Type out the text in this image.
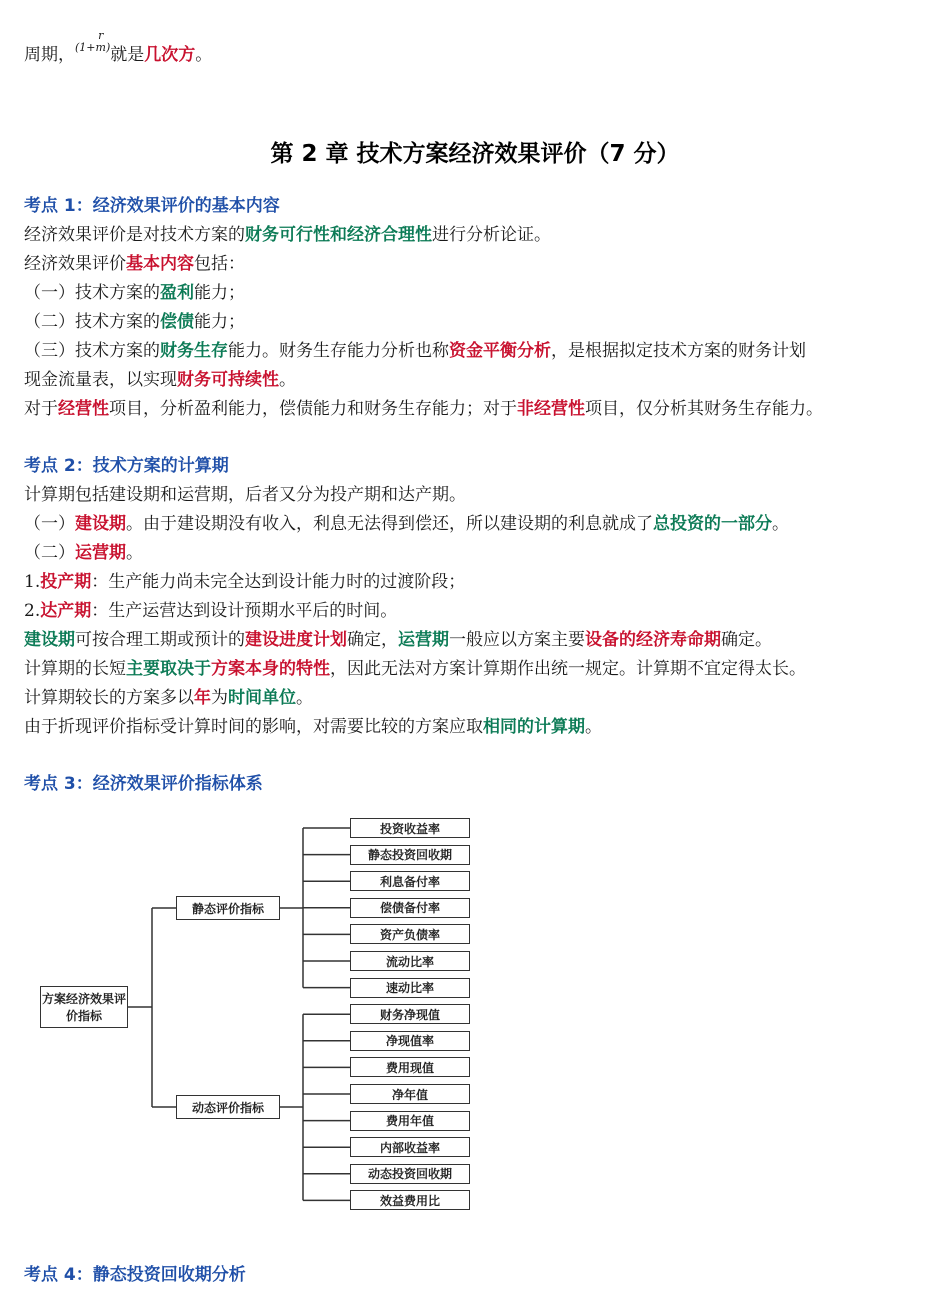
周期，(1+
r
m )就是几次方。
第 2 章 技术方案经济效果评价（7 分）
考点 1：经济效果评价的基本内容
经济效果评价是对技术方案的财务可行性和经济合理性进行分析论证。
经济效果评价基本内容包括：
（一）技术方案的盈利能力；
（二）技术方案的偿债能力；
（三）技术方案的财务生存能力。财务生存能力分析也称资金平衡分析，是根据拟定技术方案的财务计划
现金流量表，以实现财务可持续性。
对于经营性项目，分析盈利能力，偿债能力和财务生存能力；对于非经营性项目，仅分析其财务生存能力。
考点 2：技术方案的计算期
计算期包括建设期和运营期，后者又分为投产期和达产期。
（一）建设期。由于建设期没有收入，利息无法得到偿还，所以建设期的利息就成了总投资的一部分。
（二）运营期。
1.投产期：生产能力尚未完全达到设计能力时的过渡阶段；
2.达产期：生产运营达到设计预期水平后的时间。
建设期可按合理工期或预计的建设进度计划确定，运营期一般应以方案主要设备的经济寿命期确定。
计算期的长短主要取决于方案本身的特性，因此无法对方案计算期作出统一规定。计算期不宜定得太长。
计算期较长的方案多以年为时间单位。
由于折现评价指标受计算时间的影响，对需要比较的方案应取相同的计算期。
考点 3：经济效果评价指标体系
方案经济效果评价指标
静态评价指标
动态评价指标
投资收益率
静态投资回收期
利息备付率
偿债备付率
资产负债率
流动比率
速动比率
财务净现值
净现值率
费用现值
净年值
费用年值
内部收益率
动态投资回收期
效益费用比
考点 4：静态投资回收期分析
